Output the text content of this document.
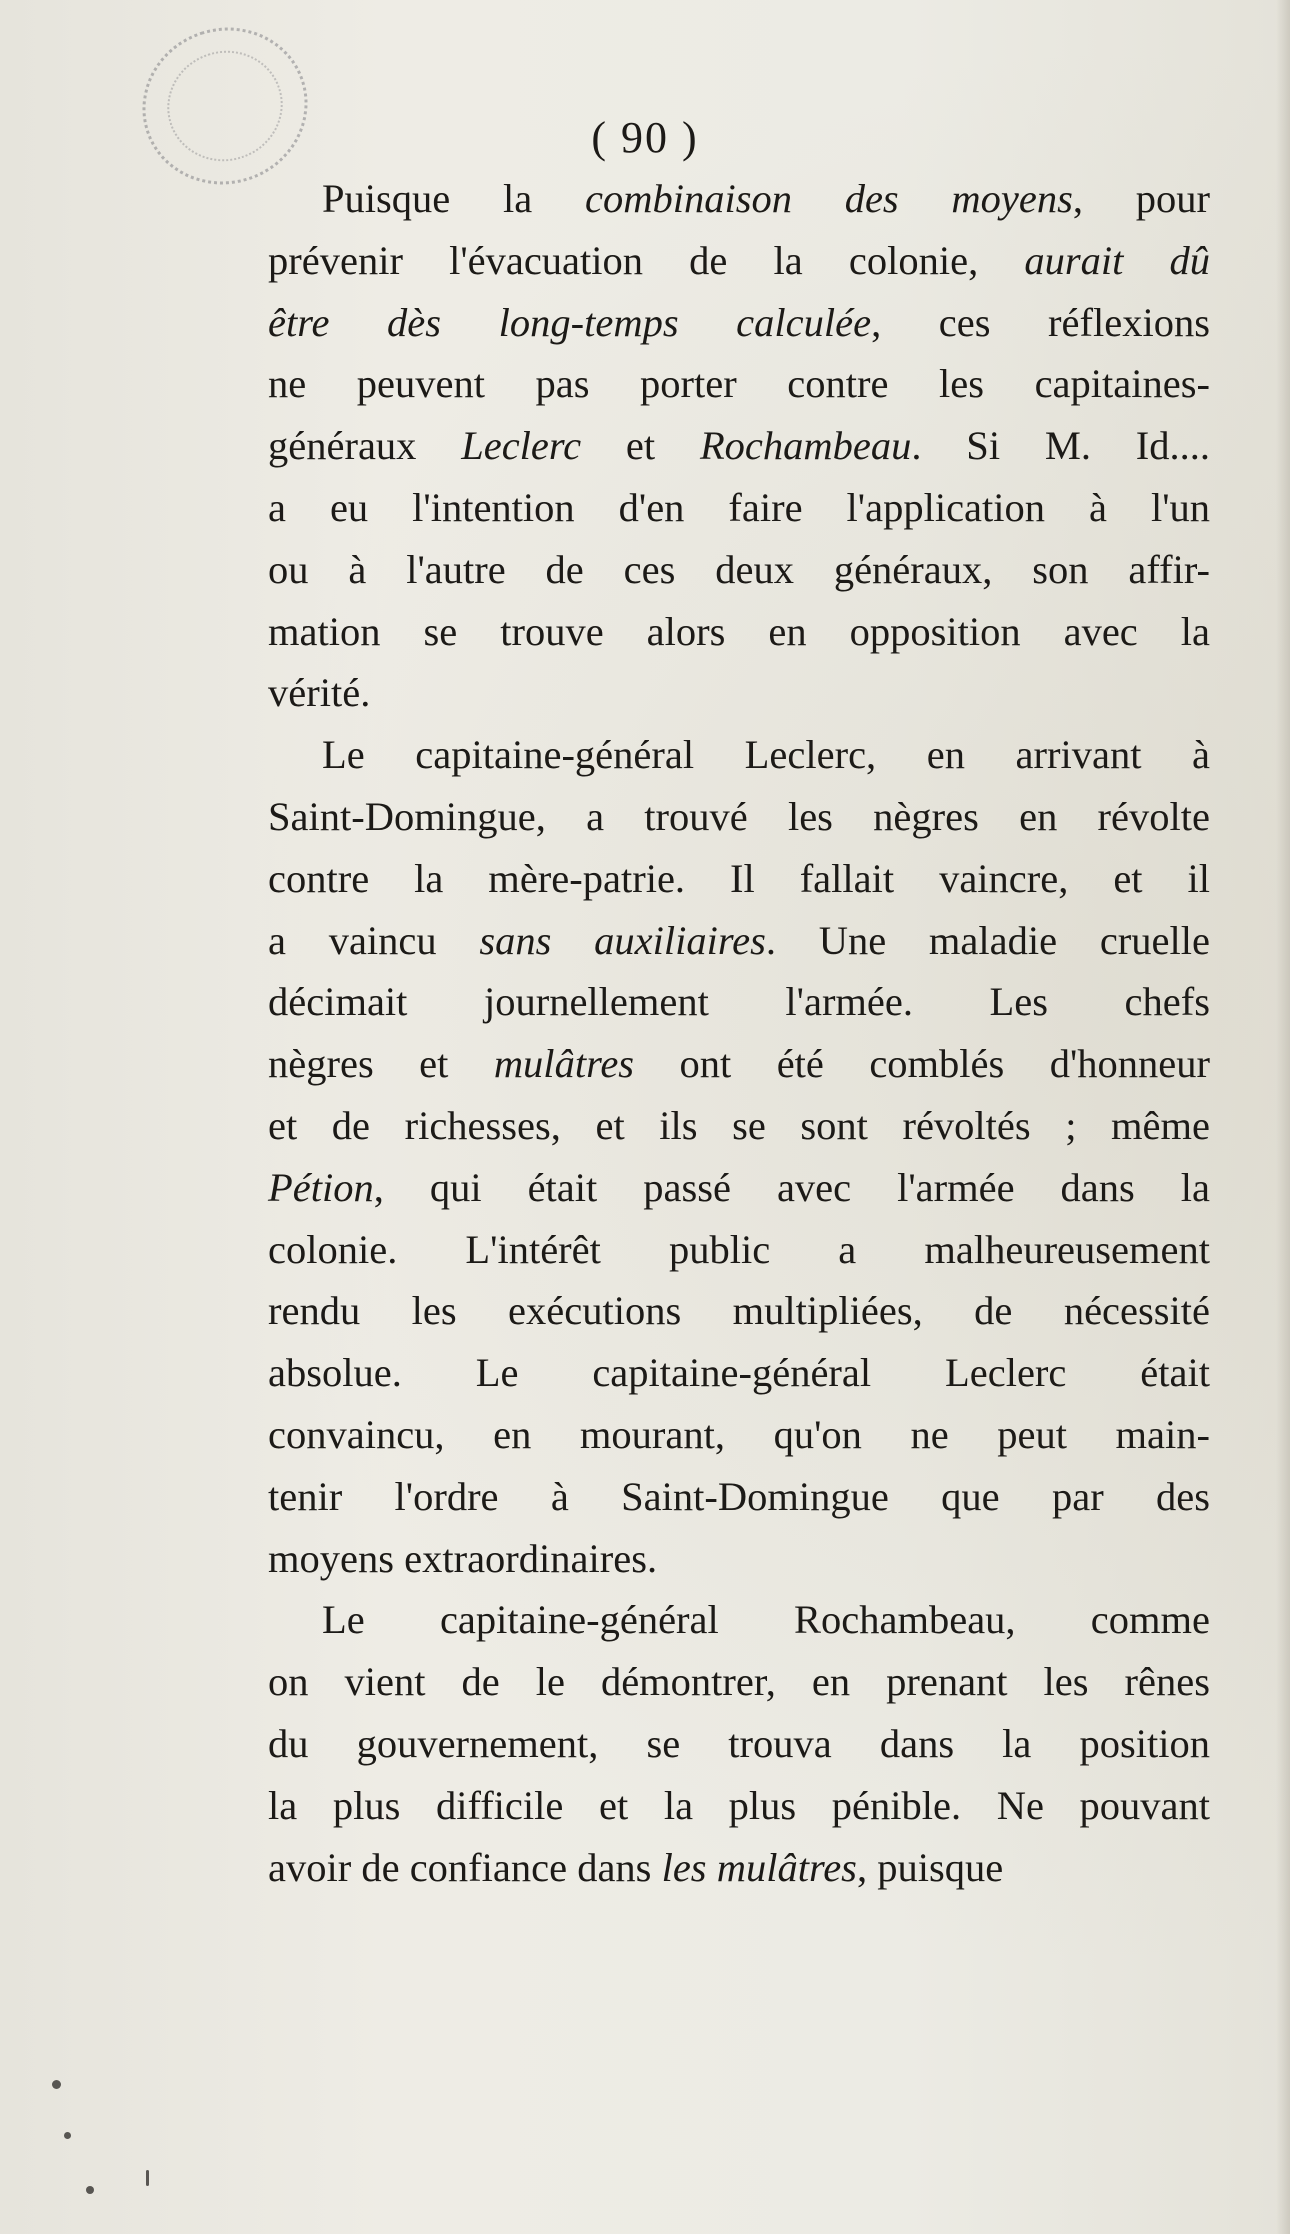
( 90 )
Puisque la combinaison des moyens, pour
prévenir l'évacuation de la colonie, aurait dû
être dès long-temps calculée, ces réflexions
ne peuvent pas porter contre les capitaines-
généraux Leclerc et Rochambeau. Si M. Id....
a eu l'intention d'en faire l'application à l'un
ou à l'autre de ces deux généraux, son affir-
mation se trouve alors en opposition avec la
vérité.
Le capitaine-général Leclerc, en arrivant à
Saint-Domingue, a trouvé les nègres en révolte
contre la mère-patrie. Il fallait vaincre, et il
a vaincu sans auxiliaires. Une maladie cruelle
décimait journellement l'armée. Les chefs
nègres et mulâtres ont été comblés d'honneur
et de richesses, et ils se sont révoltés ; même
Pétion, qui était passé avec l'armée dans la
colonie. L'intérêt public a malheureusement
rendu les exécutions multipliées, de nécessité
absolue. Le capitaine-général Leclerc était
convaincu, en mourant, qu'on ne peut main-
tenir l'ordre à Saint-Domingue que par des
moyens extraordinaires.
Le capitaine-général Rochambeau, comme
on vient de le démontrer, en prenant les rênes
du gouvernement, se trouva dans la position
la plus difficile et la plus pénible. Ne pouvant
avoir de confiance dans les mulâtres, puisque
